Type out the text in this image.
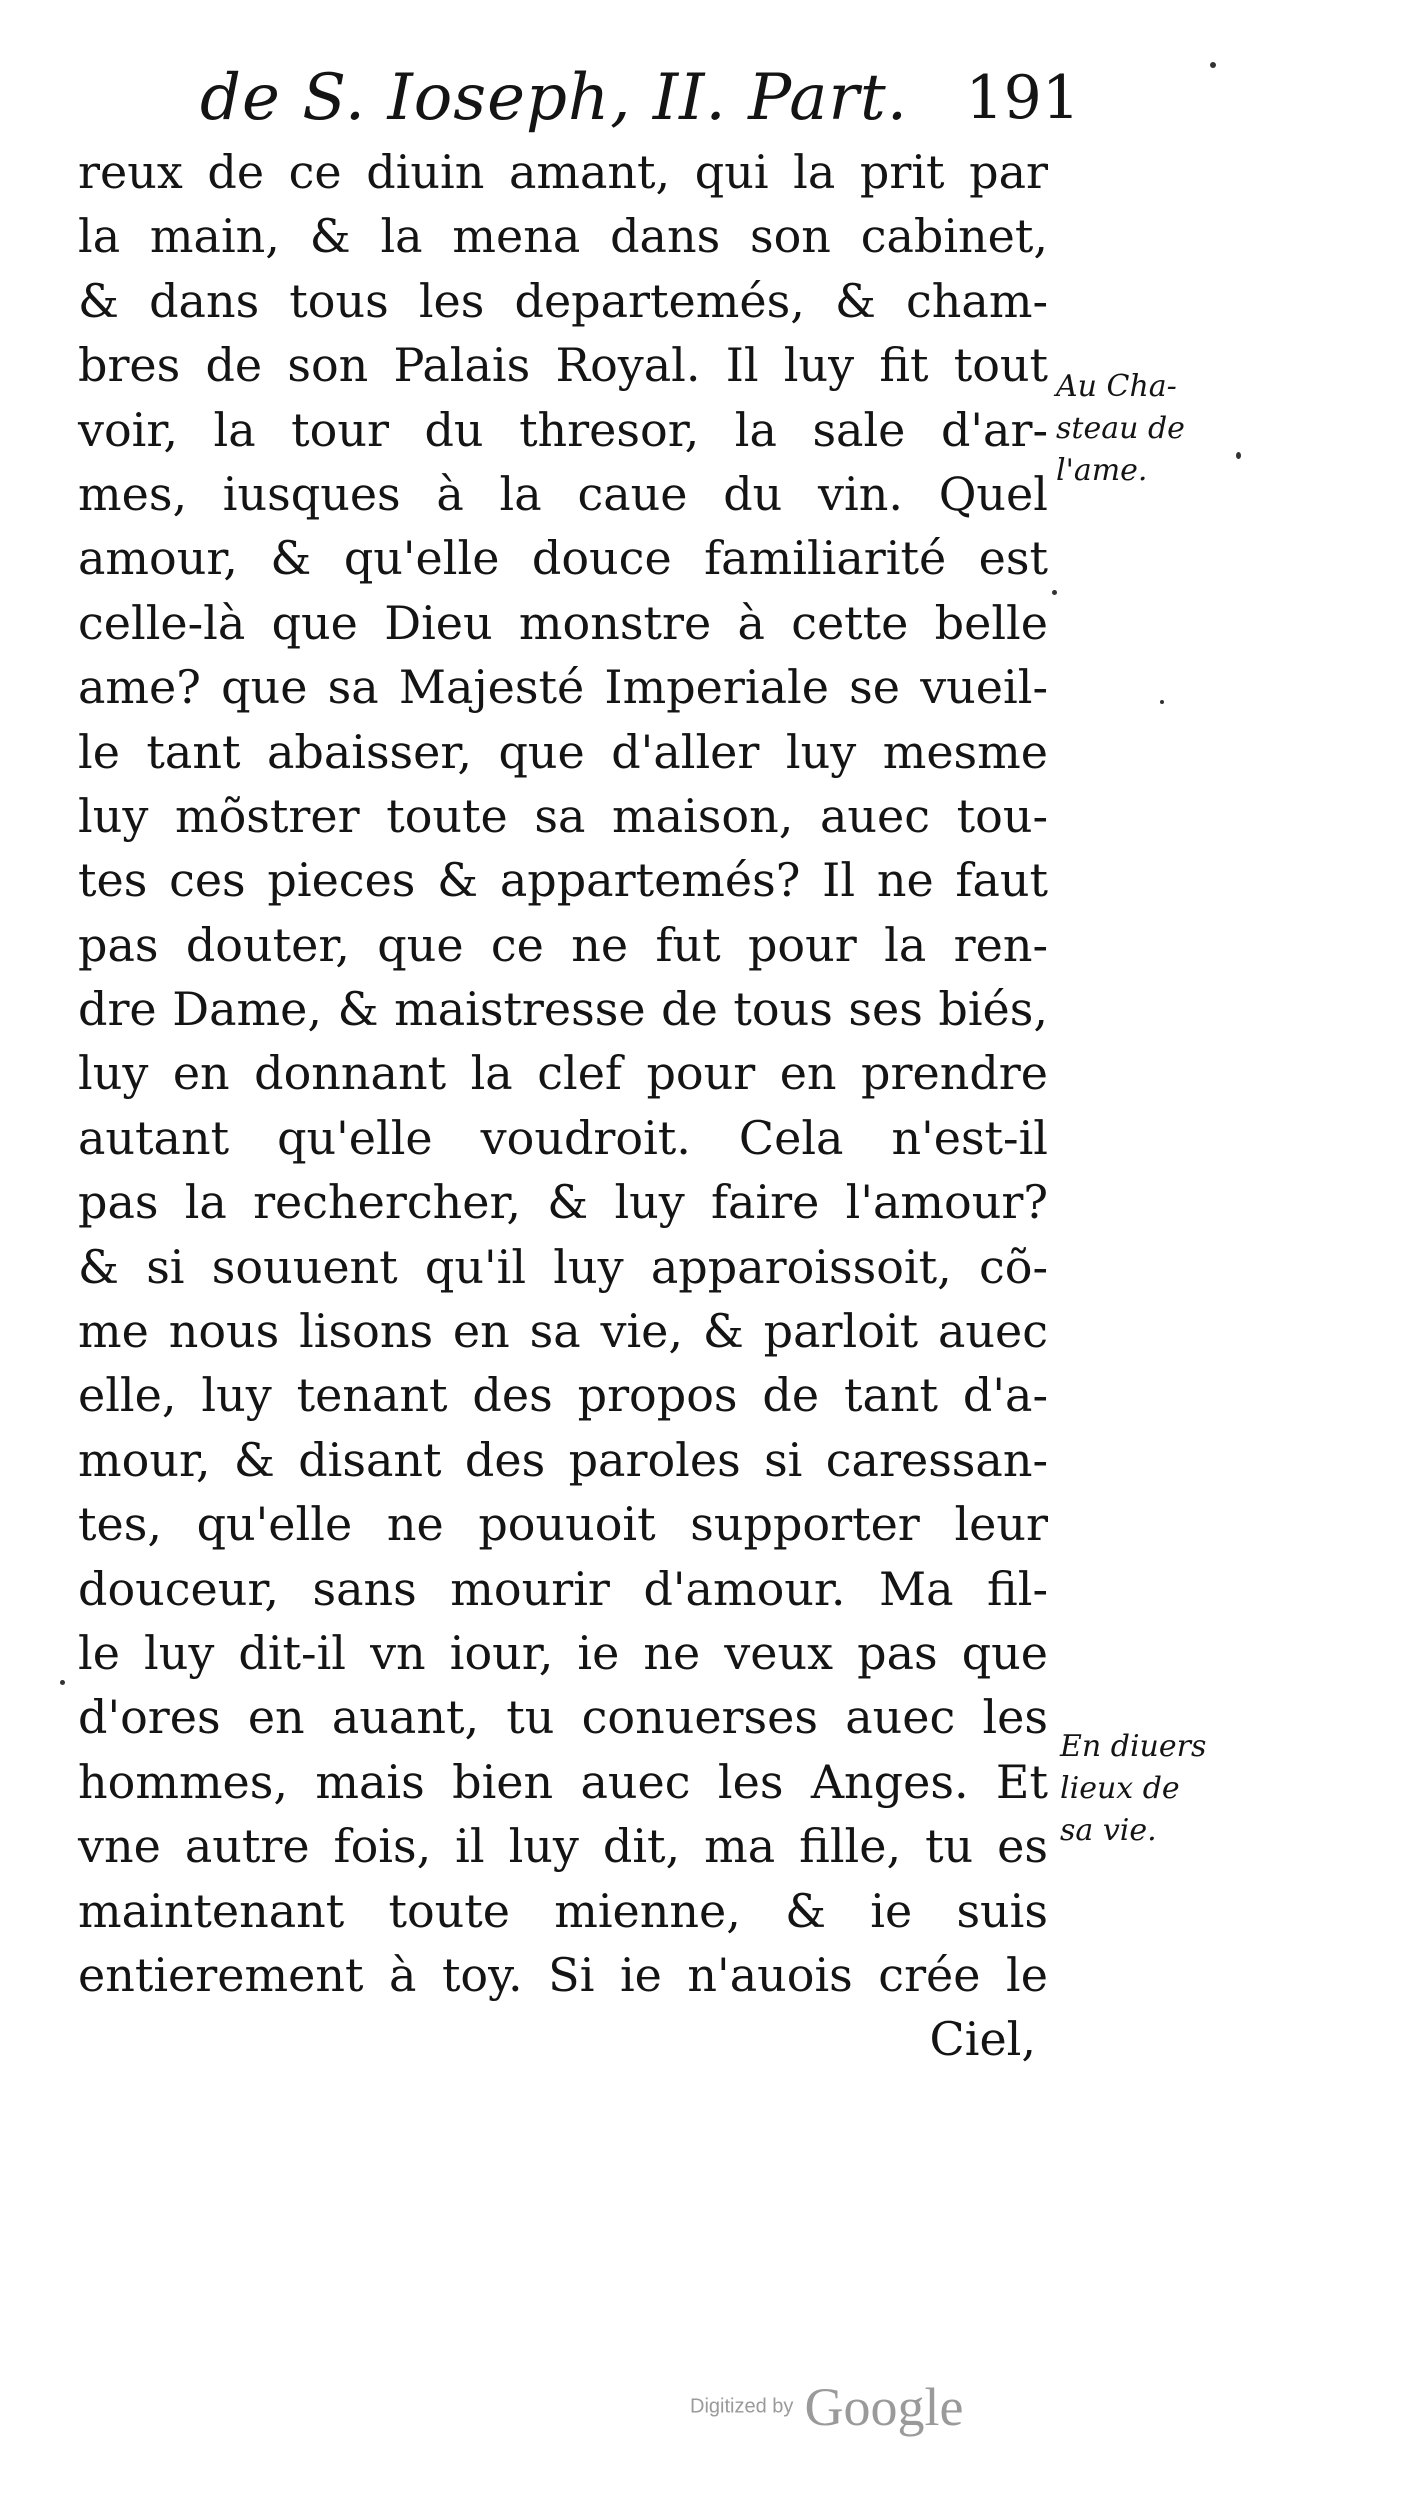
de S. Ioseph, II. Part. 191
reux de ce diuin amant, qui la prit par
la main, & la mena dans son cabinet,
& dans tous les departemés, & cham-
bres de son Palais Royal. Il luy fit tout
voir, la tour du thresor, la sale d'ar-
mes, iusques à la caue du vin. Quel
amour, & qu'elle douce familiarité est
celle-là que Dieu monstre à cette belle
ame? que sa Majesté Imperiale se vueil-
le tant abaisser, que d'aller luy mesme
luy mõstrer toute sa maison, auec tou-
tes ces pieces & appartemés? Il ne faut
pas douter, que ce ne fut pour la ren-
dre Dame, & maistresse de tous ses biés,
luy en donnant la clef pour en prendre
autant qu'elle voudroit. Cela n'est-il
pas la rechercher, & luy faire l'amour?
& si souuent qu'il luy apparoissoit, cõ-
me nous lisons en sa vie, & parloit auec
elle, luy tenant des propos de tant d'a-
mour, & disant des paroles si caressan-
tes, qu'elle ne pouuoit supporter leur
douceur, sans mourir d'amour. Ma fil-
le luy dit-il vn iour, ie ne veux pas que
d'ores en auant, tu conuerses auec les
hommes, mais bien auec les Anges. Et
vne autre fois, il luy dit, ma fille, tu es
maintenant toute mienne, & ie suis
entierement à toy. Si ie n'auois crée le
Ciel,
Au Cha-
steau de
l'ame.
En diuers
lieux de
sa vie.
Digitized by Google
